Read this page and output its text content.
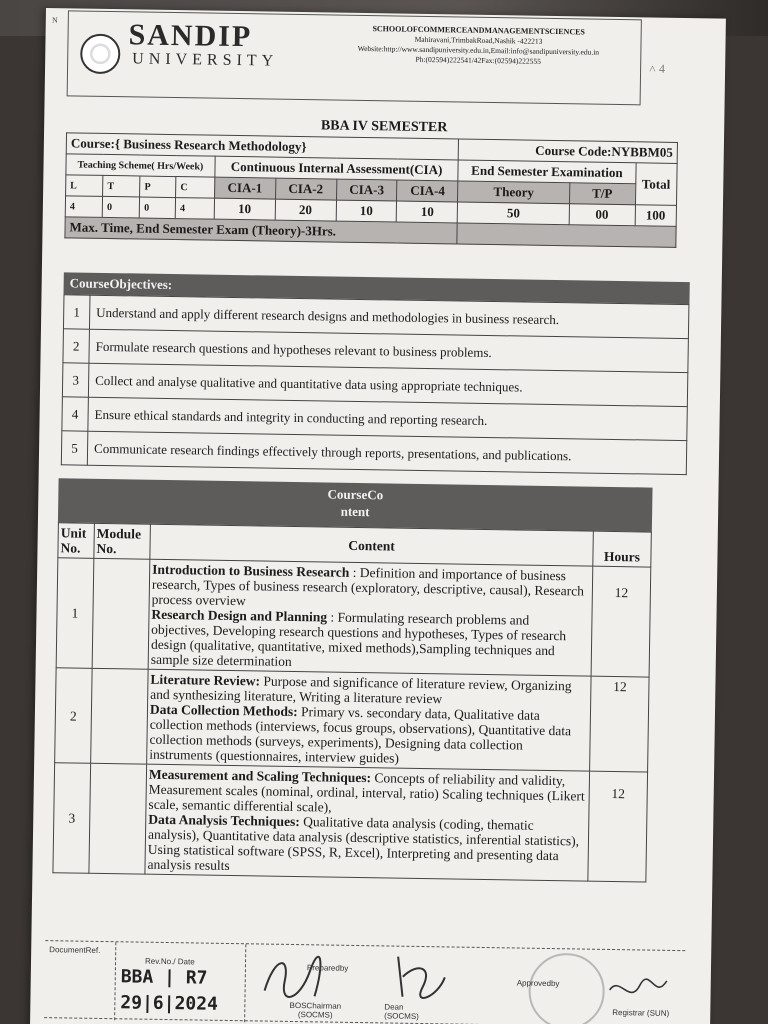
ᴺ SANDIP
UNIVERSITY
SCHOOLOFCOMMERCEANDMANAGEMENTSCIENCES
Mahiravani,TrimbakRoad,Nashik -422213
Website:http://www.sandipuniversity.edu.in,Email:info@sandipuniversity.edu.in
Ph:(02594)222541/42Fax:(02594)222555
˄ 4
BBA IV SEMESTER
Course:{ Business Research Methodology}								Course Code:NYBBM05		
Teaching Scheme( Hrs/Week)				Continuous Internal Assessment(CIA)				End Semester Examination		Total
L	T	P	C	CIA-1	CIA-2	CIA-3	CIA-4	Theory	T/P	
4	0	0	4	10	20	10	10	50	00	100
Max. Time, End Semester Exam (Theory)-3Hrs.										
CourseObjectives:
1	Understand and apply different research designs and methodologies in business research.
2	Formulate research questions and hypotheses relevant to business problems.
3	Collect and analyse qualitative and quantitative data using appropriate techniques.
4	Ensure ethical standards and integrity in conducting and reporting research.
5	Communicate research findings effectively through reports, presentations, and publications.
CourseCo
ntent
Unit No.	Module No.	Content	Hours
1		Introduction to Business Research : Definition and importance of business research, Types of business research (exploratory, descriptive, causal), Research process overview
Research Design and Planning : Formulating research problems and objectives, Developing research questions and hypotheses, Types of research design (qualitative, quantitative, mixed methods),Sampling techniques and sample size determination	12
2		Literature Review: Purpose and significance of literature review, Organizing and synthesizing literature, Writing a literature review
Data Collection Methods: Primary vs. secondary data, Qualitative data collection methods (interviews, focus groups, observations), Quantitative data collection methods (surveys, experiments), Designing data collection instruments (questionnaires, interview guides)	12
3		Measurement and Scaling Techniques: Concepts of reliability and validity, Measurement scales (nominal, ordinal, interval, ratio) Scaling techniques (Likert scale, semantic differential scale),
Data Analysis Techniques: Qualitative data analysis (coding, thematic analysis), Quantitative data analysis (descriptive statistics, inferential statistics), Using statistical software (SPSS, R, Excel), Interpreting and presenting data analysis results	12
DocumentRef.
Rev.No./ Date
BBA | R7
29|6|2024
Preparedby
BOSChairman (SOCMS)
Dean (SOCMS)
Approvedby
Registrar (SUN)
